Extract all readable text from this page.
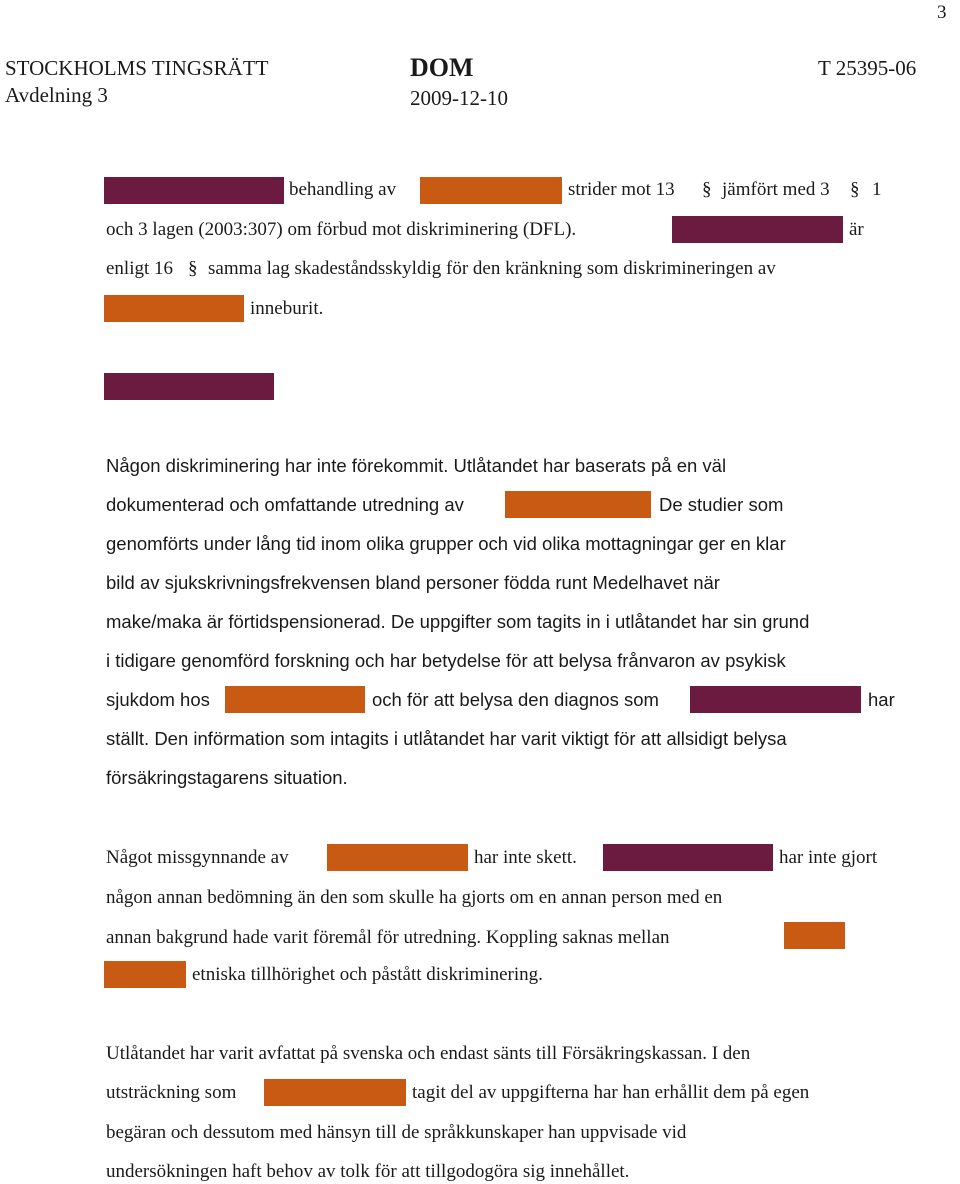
3
STOCKHOLMS TINGSRÄTT
Avdelning 3
DOM
2009-12-10
T 25395-06
behandling av	strider mot 13 § jämfört med 3 § 1
och 3 lagen (2003:307) om förbud mot diskriminering (DFL).	är
enligt 16 § samma lag skadeståndsskyldig för den kränkning som diskrimineringen av
inneburit.
Någon diskriminering har inte förekommit. Utlåtandet har baserats på en väl
dokumenterad och omfattande utredning av	De studier som
genomförts under lång tid inom olika grupper och vid olika mottagningar ger en klar
bild av sjukskrivningsfrekvensen bland personer födda runt Medelhavet när
make/maka är förtidspensionerad. De uppgifter som tagits in i utlåtandet har sin grund
i tidigare genomförd forskning och har betydelse för att belysa frånvaron av psykisk
sjukdom hos	och för att belysa den diagnos som	har
ställt. Den införmation som intagits i utlåtandet har varit viktigt för att allsidigt belysa
försäkringstagarens situation.
Något missgynnande av	har inte skett.	har inte gjort
någon annan bedömning än den som skulle ha gjorts om en annan person med en
annan bakgrund hade varit föremål för utredning. Koppling saknas mellan
etniska tillhörighet och påstått diskriminering.
Utlåtandet har varit avfattat på svenska och endast sänts till Försäkringskassan. I den
utsträckning som	tagit del av uppgifterna har han erhållit dem på egen
begäran och dessutom med hänsyn till de språkkunskaper han uppvisade vid
undersökningen haft behov av tolk för att tillgodogöra sig innehållet.
